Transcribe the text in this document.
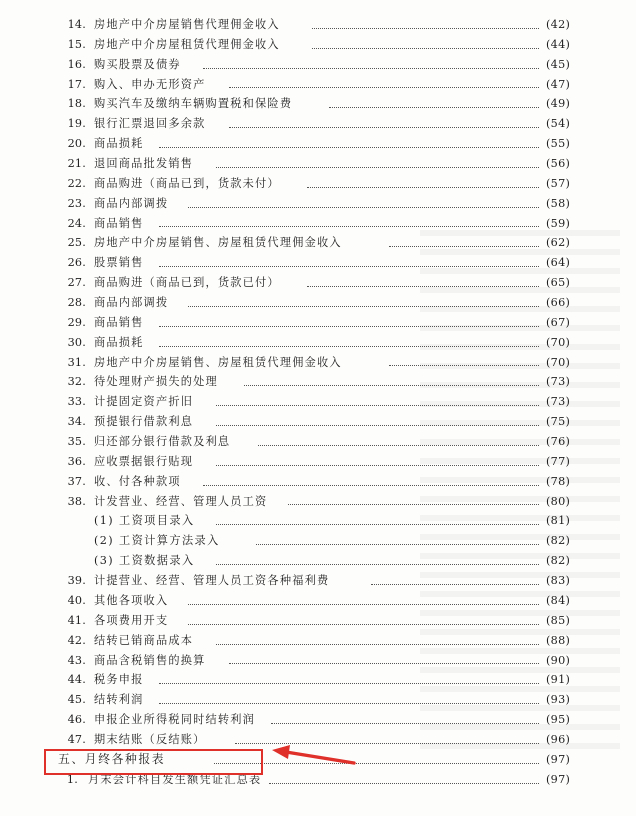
14. 房地产中介房屋销售代理佣金收入	(42)
15. 房地产中介房屋租赁代理佣金收入	(44)
16. 购买股票及债券	(45)
17. 购入、申办无形资产	(47)
18. 购买汽车及缴纳车辆购置税和保险费	(49)
19. 银行汇票退回多余款	(54)
20. 商品损耗	(55)
21. 退回商品批发销售	(56)
22. 商品购进（商品已到，货款未付）	(57)
23. 商品内部调拨	(58)
24. 商品销售	(59)
25. 房地产中介房屋销售、房屋租赁代理佣金收入	(62)
26. 股票销售	(64)
27. 商品购进（商品已到，货款已付）	(65)
28. 商品内部调拨	(66)
29. 商品销售	(67)
30. 商品损耗	(70)
31. 房地产中介房屋销售、房屋租赁代理佣金收入	(70)
32. 待处理财产损失的处理	(73)
33. 计提固定资产折旧	(73)
34. 预提银行借款利息	(75)
35. 归还部分银行借款及利息	(76)
36. 应收票据银行贴现	(77)
37. 收、付各种款项	(78)
38. 计发营业、经营、管理人员工资	(80)
(1) 工资项目录入	(81)
(2) 工资计算方法录入	(82)
(3) 工资数据录入	(82)
39. 计提营业、经营、管理人员工资各种福利费	(83)
40. 其他各项收入	(84)
41. 各项费用开支	(85)
42. 结转已销商品成本	(88)
43. 商品含税销售的换算	(90)
44. 税务申报	(91)
45. 结转利润	(93)
46. 申报企业所得税同时结转利润	(95)
47. 期末结账（反结账）	(96)
五、月终各种报表	(97)
1. 月末会计科目发生额凭证汇总表	(97)
